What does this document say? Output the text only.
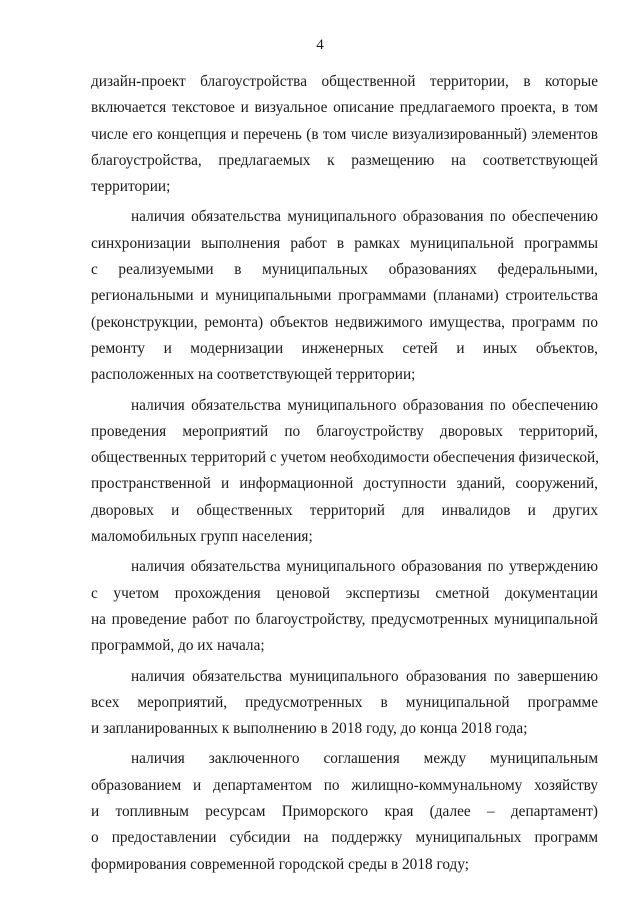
4
дизайн-проект благоустройства общественной территории, в которые
включается текстовое и визуальное описание предлагаемого проекта, в том
числе его концепция и перечень (в том числе визуализированный) элементов
благоустройства, предлагаемых к размещению на соответствующей
территории;
наличия обязательства муниципального образования по обеспечению
синхронизации выполнения работ в рамках муниципальной программы
с реализуемыми в муниципальных образованиях федеральными,
региональными и муниципальными программами (планами) строительства
(реконструкции, ремонта) объектов недвижимого имущества, программ по
ремонту и модернизации инженерных сетей и иных объектов,
расположенных на соответствующей территории;
наличия обязательства муниципального образования по обеспечению
проведения мероприятий по благоустройству дворовых территорий,
общественных территорий с учетом необходимости обеспечения физической,
пространственной и информационной доступности зданий, сооружений,
дворовых и общественных территорий для инвалидов и других
маломобильных групп населения;
наличия обязательства муниципального образования по утверждению
с учетом прохождения ценовой экспертизы сметной документации
на проведение работ по благоустройству, предусмотренных муниципальной
программой, до их начала;
наличия обязательства муниципального образования по завершению
всех мероприятий, предусмотренных в муниципальной программе
и запланированных к выполнению в 2018 году, до конца 2018 года;
наличия заключенного соглашения между муниципальным
образованием и департаментом по жилищно-коммунальному хозяйству
и топливным ресурсам Приморского края (далее – департамент)
о предоставлении субсидии на поддержку муниципальных программ
формирования современной городской среды в 2018 году;
